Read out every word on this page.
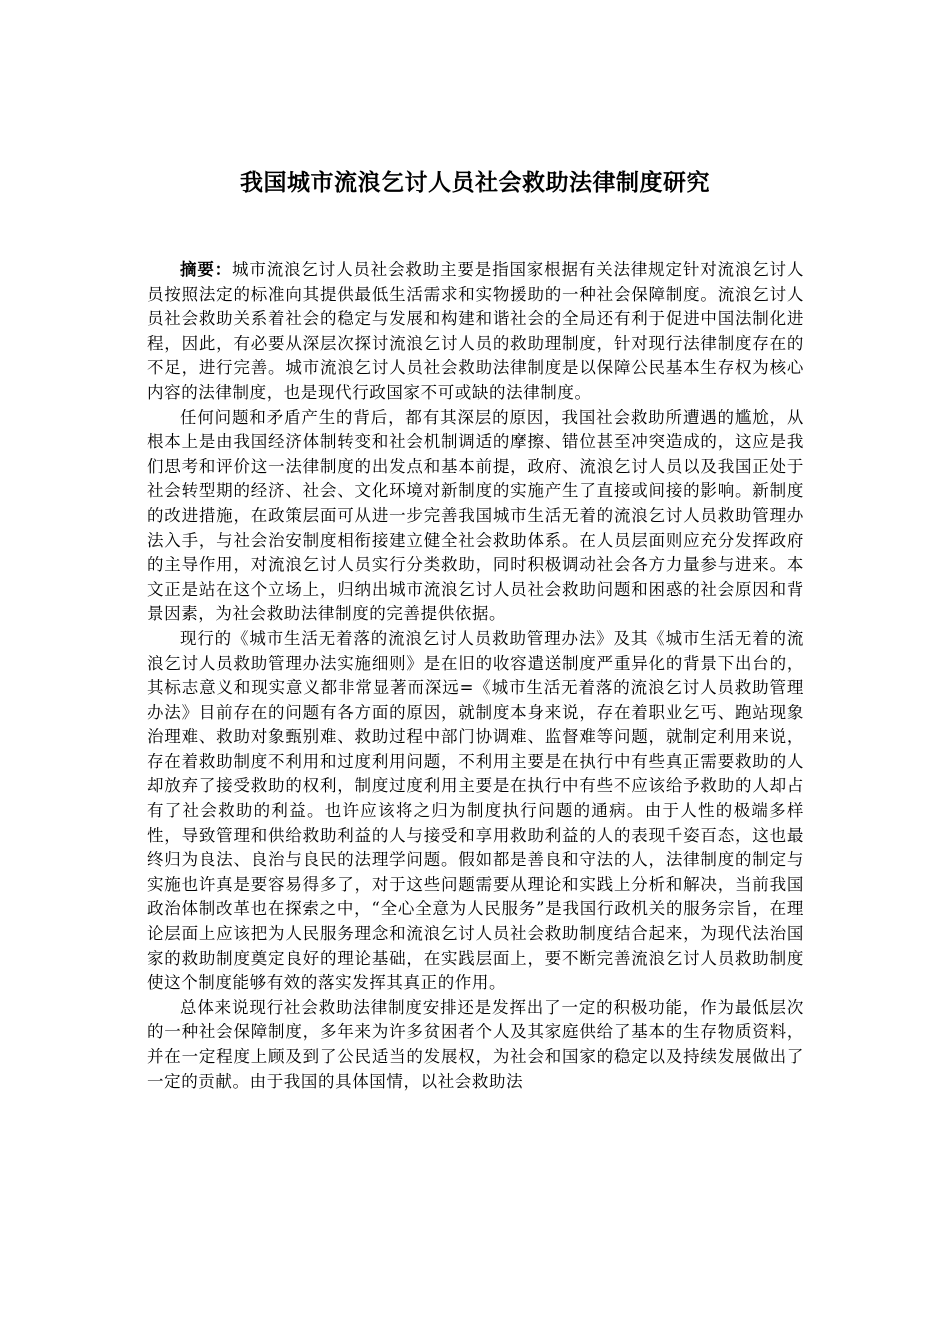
我国城市流浪乞讨人员社会救助法律制度研究

摘要：城市流浪乞讨人员社会救助主要是指国家根据有关法律规定针对流浪乞讨人员按照法定的标准向其提供最低生活需求和实物援助的一种社会保障制度。流浪乞讨人员社会救助关系着社会的稳定与发展和构建和谐社会的全局还有利于促进中国法制化进程，因此，有必要从深层次探讨流浪乞讨人员的救助理制度，针对现行法律制度存在的不足，进行完善。城市流浪乞讨人员社会救助法律制度是以保障公民基本生存权为核心内容的法律制度，也是现代行政国家不可或缺的法律制度。

任何问题和矛盾产生的背后，都有其深层的原因，我国社会救助所遭遇的尴尬，从根本上是由我国经济体制转变和社会机制调适的摩擦、错位甚至冲突造成的，这应是我们思考和评价这一法律制度的出发点和基本前提，政府、流浪乞讨人员以及我国正处于社会转型期的经济、社会、文化环境对新制度的实施产生了直接或间接的影响。新制度的改进措施，在政策层面可从进一步完善我国城市生活无着的流浪乞讨人员救助管理办法入手，与社会治安制度相衔接建立健全社会救助体系。在人员层面则应充分发挥政府的主导作用，对流浪乞讨人员实行分类救助，同时积极调动社会各方力量参与进来。本文正是站在这个立场上，归纳出城市流浪乞讨人员社会救助问题和困惑的社会原因和背景因素，为社会救助法律制度的完善提供依据。

现行的《城市生活无着落的流浪乞讨人员救助管理办法》及其《城市生活无着的流浪乞讨人员救助管理办法实施细则》是在旧的收容遣送制度严重异化的背景下出台的，其标志意义和现实意义都非常显著而深远=《城市生活无着落的流浪乞讨人员救助管理办法》目前存在的问题有各方面的原因，就制度本身来说，存在着职业乞丐、跑站现象治理难、救助对象甄别难、救助过程中部门协调难、监督难等问题，就制定利用来说，存在着救助制度不利用和过度利用问题，不利用主要是在执行中有些真正需要救助的人却放弃了接受救助的权利，制度过度利用主要是在执行中有些不应该给予救助的人却占有了社会救助的利益。也许应该将之归为制度执行问题的通病。由于人性的极端多样性，导致管理和供给救助利益的人与接受和享用救助利益的人的表现千姿百态，这也最终归为良法、良治与良民的法理学问题。假如都是善良和守法的人，法律制度的制定与实施也许真是要容易得多了，对于这些问题需要从理论和实践上分析和解决，当前我国政治体制改革也在探索之中，“全心全意为人民服务”是我国行政机关的服务宗旨，在理论层面上应该把为人民服务理念和流浪乞讨人员社会救助制度结合起来，为现代法治国家的救助制度奠定良好的理论基础，在实践层面上，要不断完善流浪乞讨人员救助制度使这个制度能够有效的落实发挥其真正的作用。

总体来说现行社会救助法律制度安排还是发挥出了一定的积极功能，作为最低层次的一种社会保障制度，多年来为许多贫困者个人及其家庭供给了基本的生存物质资料，并在一定程度上顾及到了公民适当的发展权，为社会和国家的稳定以及持续发展做出了一定的贡献。由于我国的具体国情，以社会救助法
